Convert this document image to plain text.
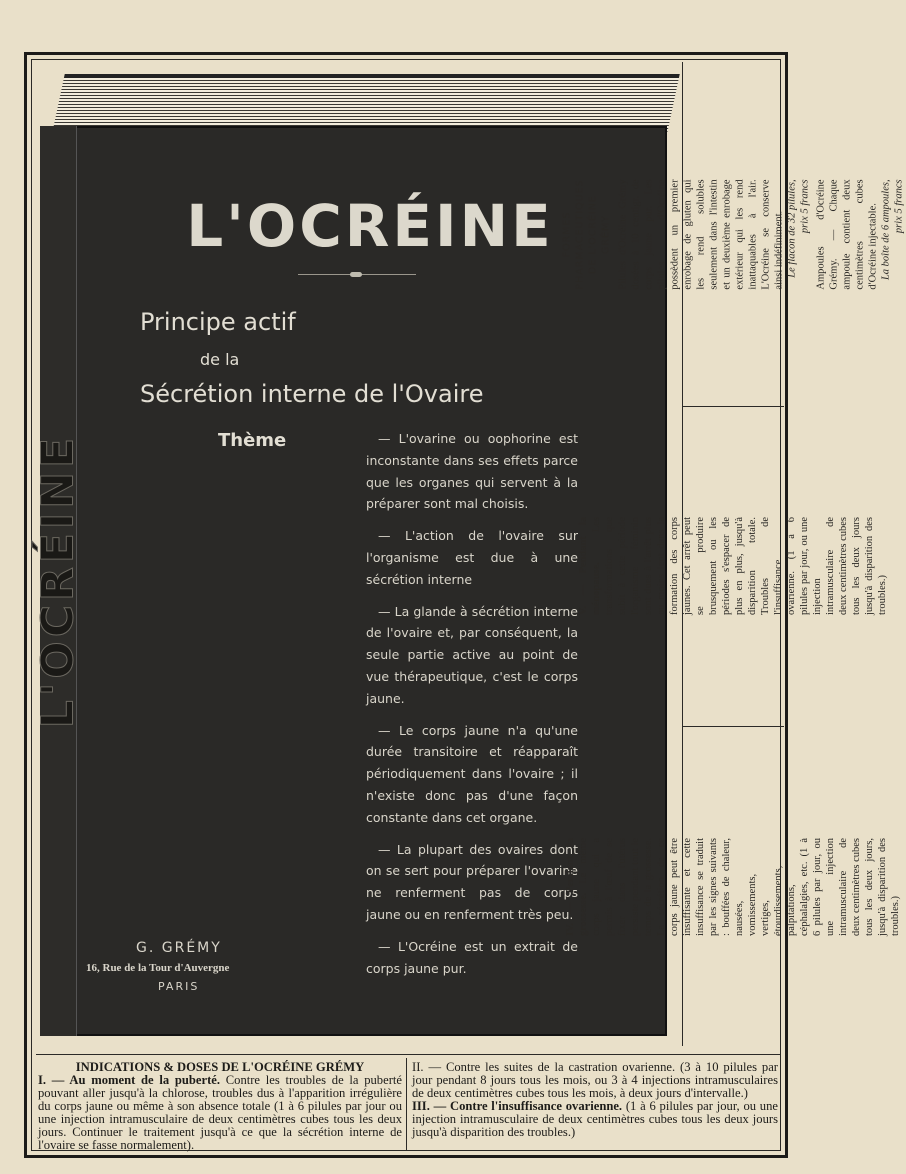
L'OCRÉINE
L'OCRÉINE
Principe actif
de la
Sécrétion interne de l'Ovaire
Thème	— L'ovarine ou oophorine est inconstante dans ses effets parce que les organes qui servent à la préparer sont mal choisis.

— L'action de l'ovaire sur l'organisme est due à une sécrétion interne

— La glande à sécrétion interne de l'ovaire et, par conséquent, la seule partie active au point de vue thérapeutique, c'est le corps jaune.

— Le corps jaune n'a qu'une durée transitoire et réapparaît périodiquement dans l'ovaire ; il n'existe donc pas d'une façon constante dans cet organe.

— La plupart des ovaires dont on se sert pour préparer l'ovarine ne renferment pas de corps jaune ou en renferment très peu.

— L'Ocréine est un extrait de corps jaune pur.

G. GRÉMY
16, Rue de la Tour d'Auvergne
PARIS
FORMES PHARMACEUTIQUES DE L'OCRÉINE GRÉMY Pilules d'Ocréine Grémy dosées à 10 centigr. de corps jaune pur. Les pilules d'Ocréine possèdent un premier enrobage de gluten qui les rend solubles seulement dans l'intestin et un deuxième enrobage extérieur qui les rend inattaquables à l'air. L'Ocréine se conserve ainsi indéfiniment. Le flacon de 32 pilules, prix 5 francs Ampoules d'Ocréine Grémy. — Chaque ampoule contient deux centimètres cubes d'Ocréine injectable. La boîte de 6 ampoules, prix 5 francs
V. — Pendant la ménopause. Les transformations que subit à cette période l'organisme féminin sont dues à l'arrêt plus ou moins lent dans la formation des corps jaunes. Cet arrêt peut se produire brusquement ou les périodes s'espacer de plus en plus, jusqu'à disparition totale. Troubles de l'insuffisance ovarienne. (1 à 6 pilules par jour, ou une injection intramusculaire de deux centimètres cubes tous les deux jours jusqu'à disparition des troubles.)
IV. — Pendant la grossesse. Le même corps jaune qui a permis à l'œuf de se fixer dans l'utérus persiste pendant tout le temps de la grossesse. La sécrétion de ce corps jaune peut être insuffisante et cette insuffisance se traduit par les signes suivants : bouffées de chaleur, nausées, vomissements, vertiges, étourdissements, palpitations, céphalalgies, etc. (1 à 6 pilules par jour, ou une injection intramusculaire de deux centimètres cubes tous les deux jours, jusqu'à disparition des troubles.)

INDICATIONS & DOSES DE L'OCRÉINE GRÉMY

I. — Au moment de la puberté. Contre les troubles de la puberté pouvant aller jusqu'à la chlorose, troubles dus à l'apparition irrégulière du corps jaune ou même à son absence totale (1 à 6 pilules par jour ou une injection intramusculaire de deux centimètres cubes tous les deux jours. Continuer le traitement jusqu'à ce que la sécrétion interne de l'ovaire se fasse normalement).

II. — Contre les suites de la castration ovarienne. (3 à 10 pilules par jour pendant 8 jours tous les mois, ou 3 à 4 injections intramusculaires de deux centimètres cubes tous les mois, à deux jours d'intervalle.)

III. — Contre l'insuffisance ovarienne. (1 à 6 pilules par jour, ou une injection intramusculaire de deux centimètres cubes tous les deux jours jusqu'à disparition des troubles.)
